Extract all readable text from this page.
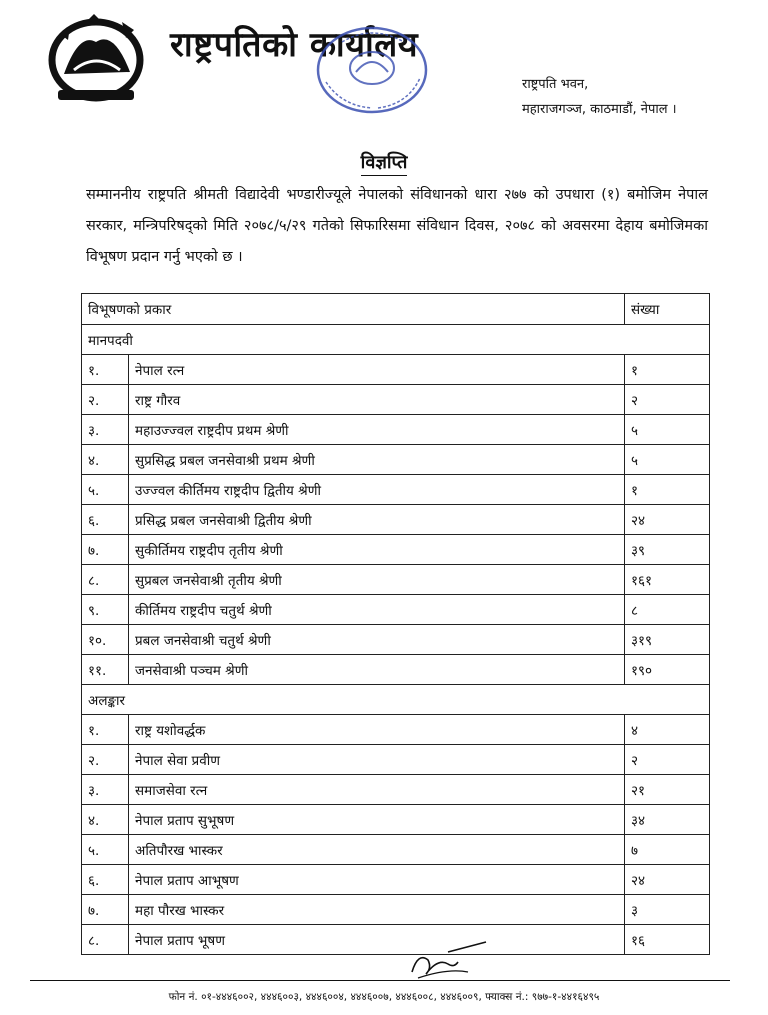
राष्ट्रपतिको कार्यालय
राष्ट्रपति भवन,
महाराजगञ्ज, काठमाडौं, नेपाल ।
विज्ञप्ति
सम्माननीय राष्ट्रपति श्रीमती विद्यादेवी भण्डारीज्यूले नेपालको संविधानको धारा २७७ को उपधारा (१) बमोजिम नेपाल सरकार, मन्त्रिपरिषद्को मिति २०७८/५/२९ गतेको सिफारिसमा संविधान दिवस, २०७८ को अवसरमा देहाय बमोजिमका विभूषण प्रदान गर्नु भएको छ ।
विभूषणको प्रकार		संख्या
मानपदवी		
१.	नेपाल रत्न	१
२.	राष्ट्र गौरव	२
३.	महाउज्ज्वल राष्ट्रदीप प्रथम श्रेणी	५
४.	सुप्रसिद्ध प्रबल जनसेवाश्री प्रथम श्रेणी	५
५.	उज्ज्वल कीर्तिमय राष्ट्रदीप द्वितीय श्रेणी	१
६.	प्रसिद्ध प्रबल जनसेवाश्री द्वितीय श्रेणी	२४
७.	सुकीर्तिमय राष्ट्रदीप तृतीय श्रेणी	३९
८.	सुप्रबल जनसेवाश्री तृतीय श्रेणी	१६१
९.	कीर्तिमय राष्ट्रदीप चतुर्थ श्रेणी	८
१०.	प्रबल जनसेवाश्री चतुर्थ श्रेणी	३१९
११.	जनसेवाश्री पञ्चम श्रेणी	१९०
अलङ्कार		
१.	राष्ट्र यशोवर्द्धक	४
२.	नेपाल सेवा प्रवीण	२
३.	समाजसेवा रत्न	२१
४.	नेपाल प्रताप सुभूषण	३४
५.	अतिपौरख भास्कर	७
६.	नेपाल प्रताप आभूषण	२४
७.	महा पौरख भास्कर	३
८.	नेपाल प्रताप भूषण	१६
फोन नं. ०१-४४४६००२, ४४४६००३, ४४४६००४, ४४४६००७, ४४४६००८, ४४४६००९, फ्याक्स नं.: ९७७-१-४४१६४९५
